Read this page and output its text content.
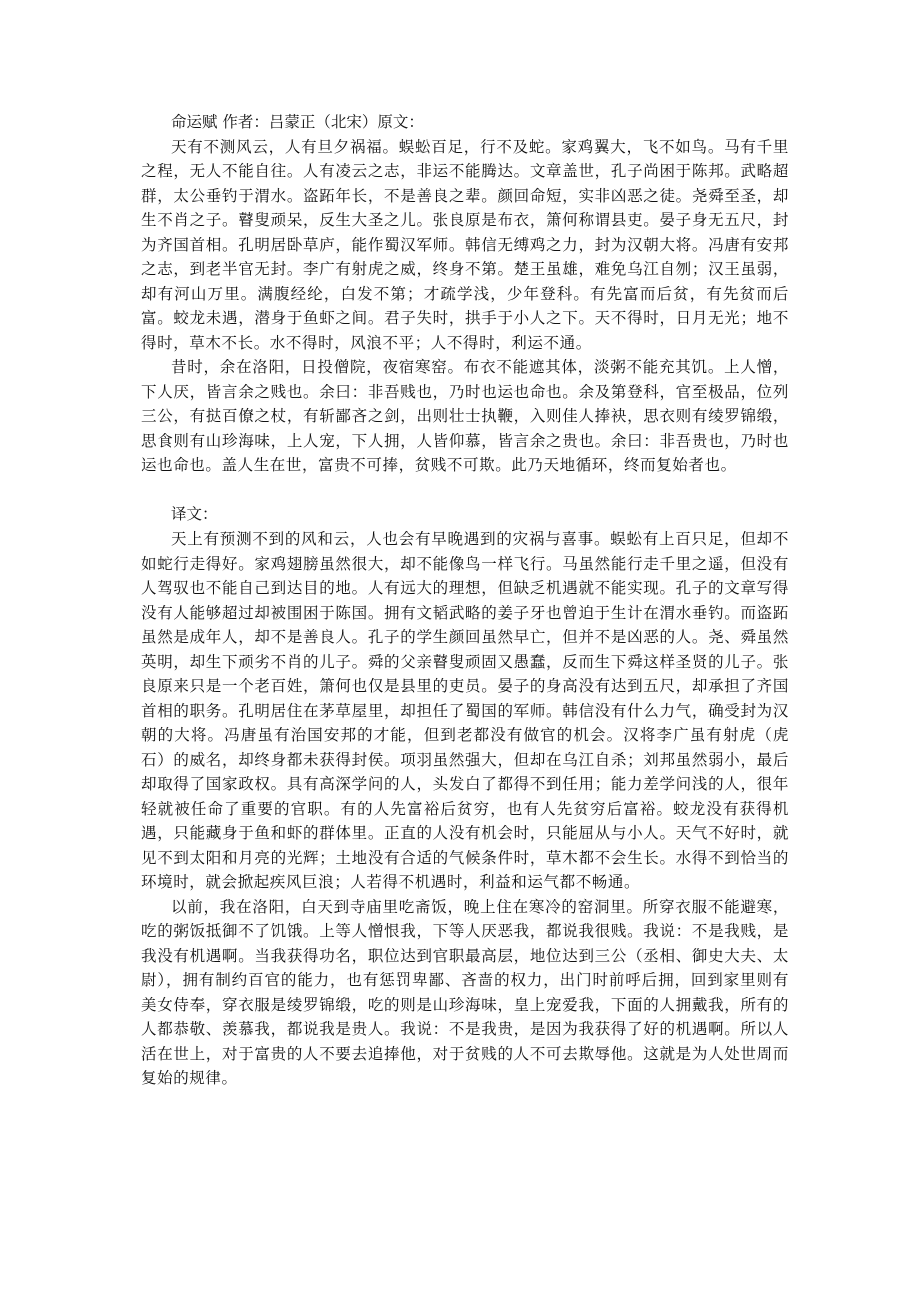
命运赋 作者：吕蒙正（北宋）原文：

天有不测风云，人有旦夕祸福。蜈蚣百足，行不及蛇。家鸡翼大，飞不如鸟。马有千里之程，无人不能自往。人有凌云之志，非运不能腾达。文章盖世，孔子尚困于陈邦。武略超群，太公垂钓于渭水。盗跖年长，不是善良之辈。颜回命短，实非凶恶之徒。尧舜至圣，却生不肖之子。瞽叟顽呆，反生大圣之儿。张良原是布衣，箫何称谓县吏。晏子身无五尺，封为齐国首相。孔明居卧草庐，能作蜀汉军师。韩信无缚鸡之力，封为汉朝大将。冯唐有安邦之志，到老半官无封。李广有射虎之威，终身不第。楚王虽雄，难免乌江自刎；汉王虽弱，却有河山万里。满腹经纶，白发不第；才疏学浅，少年登科。有先富而后贫，有先贫而后富。蛟龙未遇，潜身于鱼虾之间。君子失时，拱手于小人之下。天不得时，日月无光；地不得时，草木不长。水不得时，风浪不平；人不得时，利运不通。

昔时，余在洛阳，日投僧院，夜宿寒窑。布衣不能遮其体，淡粥不能充其饥。上人憎，下人厌，皆言余之贱也。余曰：非吾贱也，乃时也运也命也。余及第登科，官至极品，位列三公，有挞百僚之杖，有斩鄙吝之剑，出则壮士执鞭，入则佳人捧袂，思衣则有绫罗锦缎，思食则有山珍海味，上人宠，下人拥，人皆仰慕，皆言余之贵也。余曰：非吾贵也，乃时也运也命也。盖人生在世，富贵不可捧，贫贱不可欺。此乃天地循环，终而复始者也。

译文：

天上有预测不到的风和云，人也会有早晚遇到的灾祸与喜事。蜈蚣有上百只足，但却不如蛇行走得好。家鸡翅膀虽然很大，却不能像鸟一样飞行。马虽然能行走千里之遥，但没有人驾驭也不能自己到达目的地。人有远大的理想，但缺乏机遇就不能实现。孔子的文章写得没有人能够超过却被围困于陈国。拥有文韬武略的姜子牙也曾迫于生计在渭水垂钓。而盗跖虽然是成年人，却不是善良人。孔子的学生颜回虽然早亡，但并不是凶恶的人。尧、舜虽然英明，却生下顽劣不肖的儿子。舜的父亲瞽叟顽固又愚蠢，反而生下舜这样圣贤的儿子。张良原来只是一个老百姓，箫何也仅是县里的吏员。晏子的身高没有达到五尺，却承担了齐国首相的职务。孔明居住在茅草屋里，却担任了蜀国的军师。韩信没有什么力气，确受封为汉朝的大将。冯唐虽有治国安邦的才能，但到老都没有做官的机会。汉将李广虽有射虎（虎石）的威名，却终身都未获得封侯。项羽虽然强大，但却在乌江自杀；刘邦虽然弱小，最后却取得了国家政权。具有高深学问的人，头发白了都得不到任用；能力差学问浅的人，很年轻就被任命了重要的官职。有的人先富裕后贫穷，也有人先贫穷后富裕。蛟龙没有获得机遇，只能藏身于鱼和虾的群体里。正直的人没有机会时，只能屈从与小人。天气不好时，就见不到太阳和月亮的光辉；土地没有合适的气候条件时，草木都不会生长。水得不到恰当的环境时，就会掀起疾风巨浪；人若得不机遇时，利益和运气都不畅通。

以前，我在洛阳，白天到寺庙里吃斋饭，晚上住在寒冷的窑洞里。所穿衣服不能避寒，吃的粥饭抵御不了饥饿。上等人憎恨我，下等人厌恶我，都说我很贱。我说：不是我贱，是我没有机遇啊。当我获得功名，职位达到官职最高层，地位达到三公（丞相、御史大夫、太尉），拥有制约百官的能力，也有惩罚卑鄙、吝啬的权力，出门时前呼后拥，回到家里则有美女侍奉，穿衣服是绫罗锦缎，吃的则是山珍海味，皇上宠爱我，下面的人拥戴我，所有的人都恭敬、羡慕我，都说我是贵人。我说：不是我贵，是因为我获得了好的机遇啊。所以人活在世上，对于富贵的人不要去追捧他，对于贫贱的人不可去欺辱他。这就是为人处世周而复始的规律。
